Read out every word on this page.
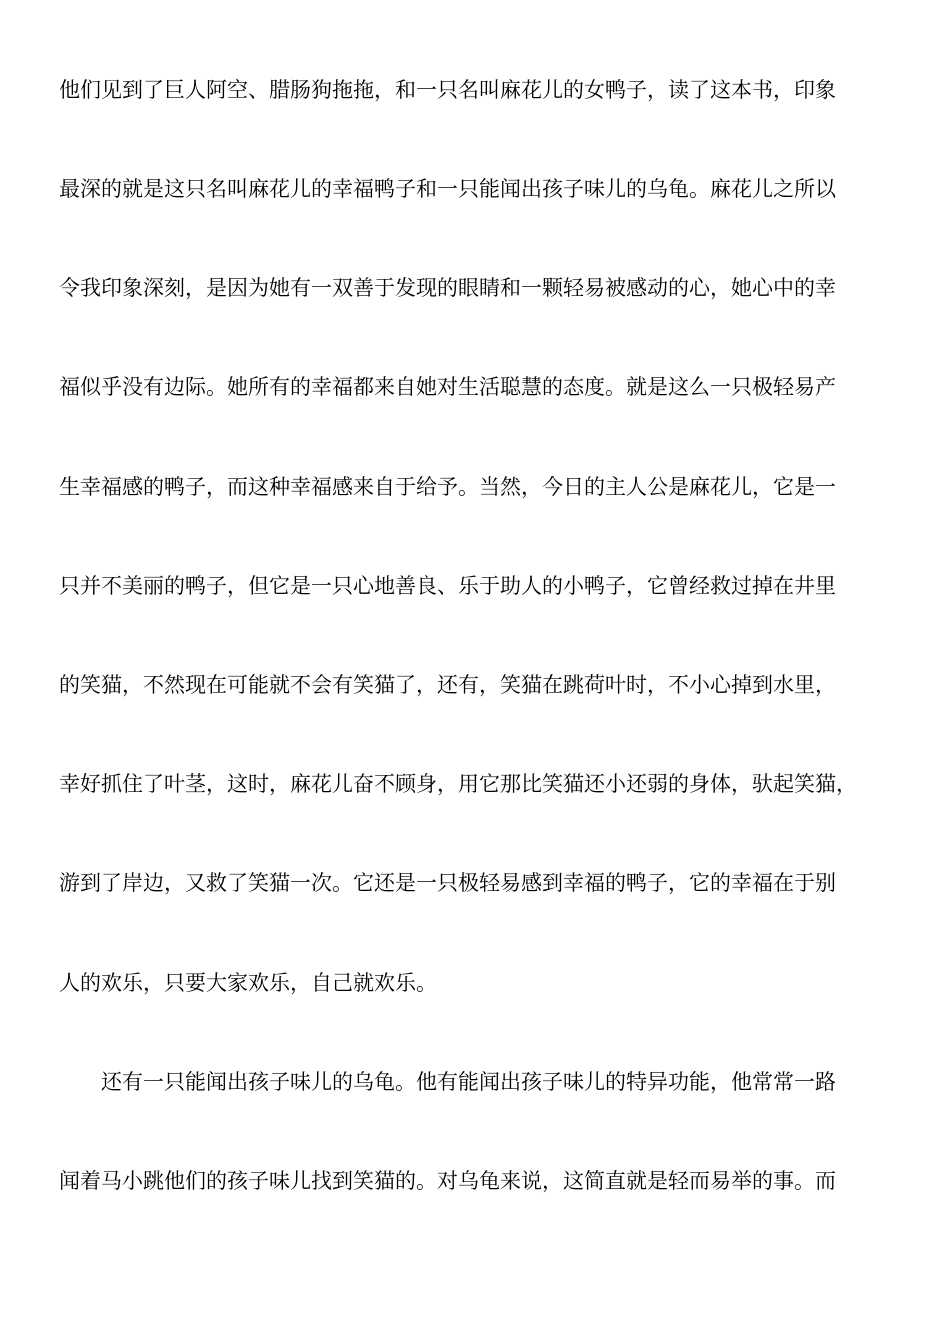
他们见到了巨人阿空、腊肠狗拖拖，和一只名叫麻花儿的女鸭子，读了这本书，印象
最深的就是这只名叫麻花儿的幸福鸭子和一只能闻出孩子味儿的乌龟。麻花儿之所以
令我印象深刻，是因为她有一双善于发现的眼睛和一颗轻易被感动的心，她心中的幸
福似乎没有边际。她所有的幸福都来自她对生活聪慧的态度。就是这么一只极轻易产
生幸福感的鸭子，而这种幸福感来自于给予。当然，今日的主人公是麻花儿，它是一
只并不美丽的鸭子，但它是一只心地善良、乐于助人的小鸭子，它曾经救过掉在井里
的笑猫，不然现在可能就不会有笑猫了，还有，笑猫在跳荷叶时，不小心掉到水里，
幸好抓住了叶茎，这时，麻花儿奋不顾身，用它那比笑猫还小还弱的身体，驮起笑猫，
游到了岸边，又救了笑猫一次。它还是一只极轻易感到幸福的鸭子，它的幸福在于别
人的欢乐，只要大家欢乐，自己就欢乐。
还有一只能闻出孩子味儿的乌龟。他有能闻出孩子味儿的特异功能，他常常一路
闻着马小跳他们的孩子味儿找到笑猫的。对乌龟来说，这简直就是轻而易举的事。而
